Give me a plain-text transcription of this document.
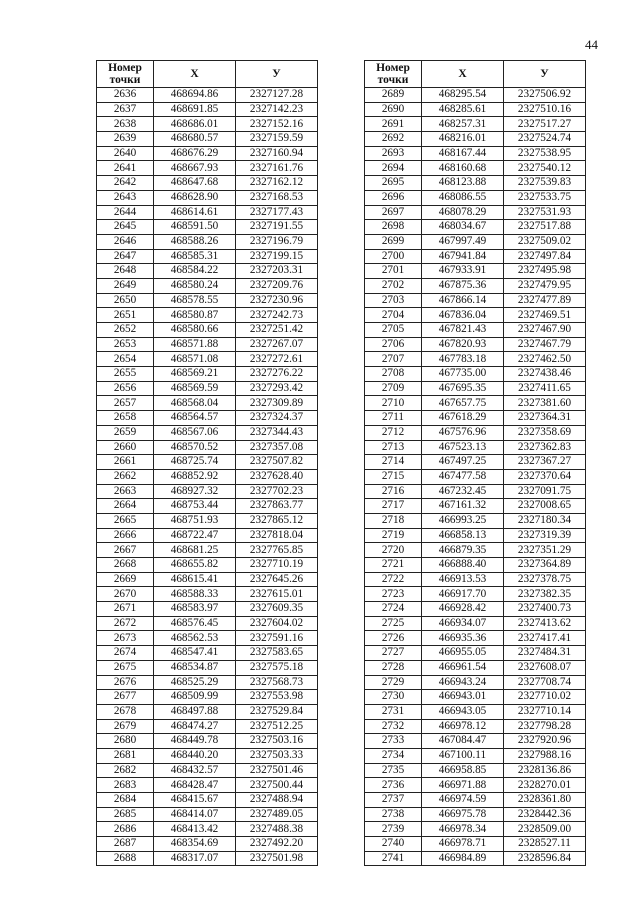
44
Номер точки	X	У
2636	468694.86	2327127.28
2637	468691.85	2327142.23
2638	468686.01	2327152.16
2639	468680.57	2327159.59
2640	468676.29	2327160.94
2641	468667.93	2327161.76
2642	468647.68	2327162.12
2643	468628.90	2327168.53
2644	468614.61	2327177.43
2645	468591.50	2327191.55
2646	468588.26	2327196.79
2647	468585.31	2327199.15
2648	468584.22	2327203.31
2649	468580.24	2327209.76
2650	468578.55	2327230.96
2651	468580.87	2327242.73
2652	468580.66	2327251.42
2653	468571.88	2327267.07
2654	468571.08	2327272.61
2655	468569.21	2327276.22
2656	468569.59	2327293.42
2657	468568.04	2327309.89
2658	468564.57	2327324.37
2659	468567.06	2327344.43
2660	468570.52	2327357.08
2661	468725.74	2327507.82
2662	468852.92	2327628.40
2663	468927.32	2327702.23
2664	468753.44	2327863.77
2665	468751.93	2327865.12
2666	468722.47	2327818.04
2667	468681.25	2327765.85
2668	468655.82	2327710.19
2669	468615.41	2327645.26
2670	468588.33	2327615.01
2671	468583.97	2327609.35
2672	468576.45	2327604.02
2673	468562.53	2327591.16
2674	468547.41	2327583.65
2675	468534.87	2327575.18
2676	468525.29	2327568.73
2677	468509.99	2327553.98
2678	468497.88	2327529.84
2679	468474.27	2327512.25
2680	468449.78	2327503.16
2681	468440.20	2327503.33
2682	468432.57	2327501.46
2683	468428.47	2327500.44
2684	468415.67	2327488.94
2685	468414.07	2327489.05
2686	468413.42	2327488.38
2687	468354.69	2327492.20
2688	468317.07	2327501.98
Номер точки	X	У
2689	468295.54	2327506.92
2690	468285.61	2327510.16
2691	468257.31	2327517.27
2692	468216.01	2327524.74
2693	468167.44	2327538.95
2694	468160.68	2327540.12
2695	468123.88	2327539.83
2696	468086.55	2327533.75
2697	468078.29	2327531.93
2698	468034.67	2327517.88
2699	467997.49	2327509.02
2700	467941.84	2327497.84
2701	467933.91	2327495.98
2702	467875.36	2327479.95
2703	467866.14	2327477.89
2704	467836.04	2327469.51
2705	467821.43	2327467.90
2706	467820.93	2327467.79
2707	467783.18	2327462.50
2708	467735.00	2327438.46
2709	467695.35	2327411.65
2710	467657.75	2327381.60
2711	467618.29	2327364.31
2712	467576.96	2327358.69
2713	467523.13	2327362.83
2714	467497.25	2327367.27
2715	467477.58	2327370.64
2716	467232.45	2327091.75
2717	467161.32	2327008.65
2718	466993.25	2327180.34
2719	466858.13	2327319.39
2720	466879.35	2327351.29
2721	466888.40	2327364.89
2722	466913.53	2327378.75
2723	466917.70	2327382.35
2724	466928.42	2327400.73
2725	466934.07	2327413.62
2726	466935.36	2327417.41
2727	466955.05	2327484.31
2728	466961.54	2327608.07
2729	466943.24	2327708.74
2730	466943.01	2327710.02
2731	466943.05	2327710.14
2732	466978.12	2327798.28
2733	467084.47	2327920.96
2734	467100.11	2327988.16
2735	466958.85	2328136.86
2736	466971.88	2328270.01
2737	466974.59	2328361.80
2738	466975.78	2328442.36
2739	466978.34	2328509.00
2740	466978.71	2328527.11
2741	466984.89	2328596.84
